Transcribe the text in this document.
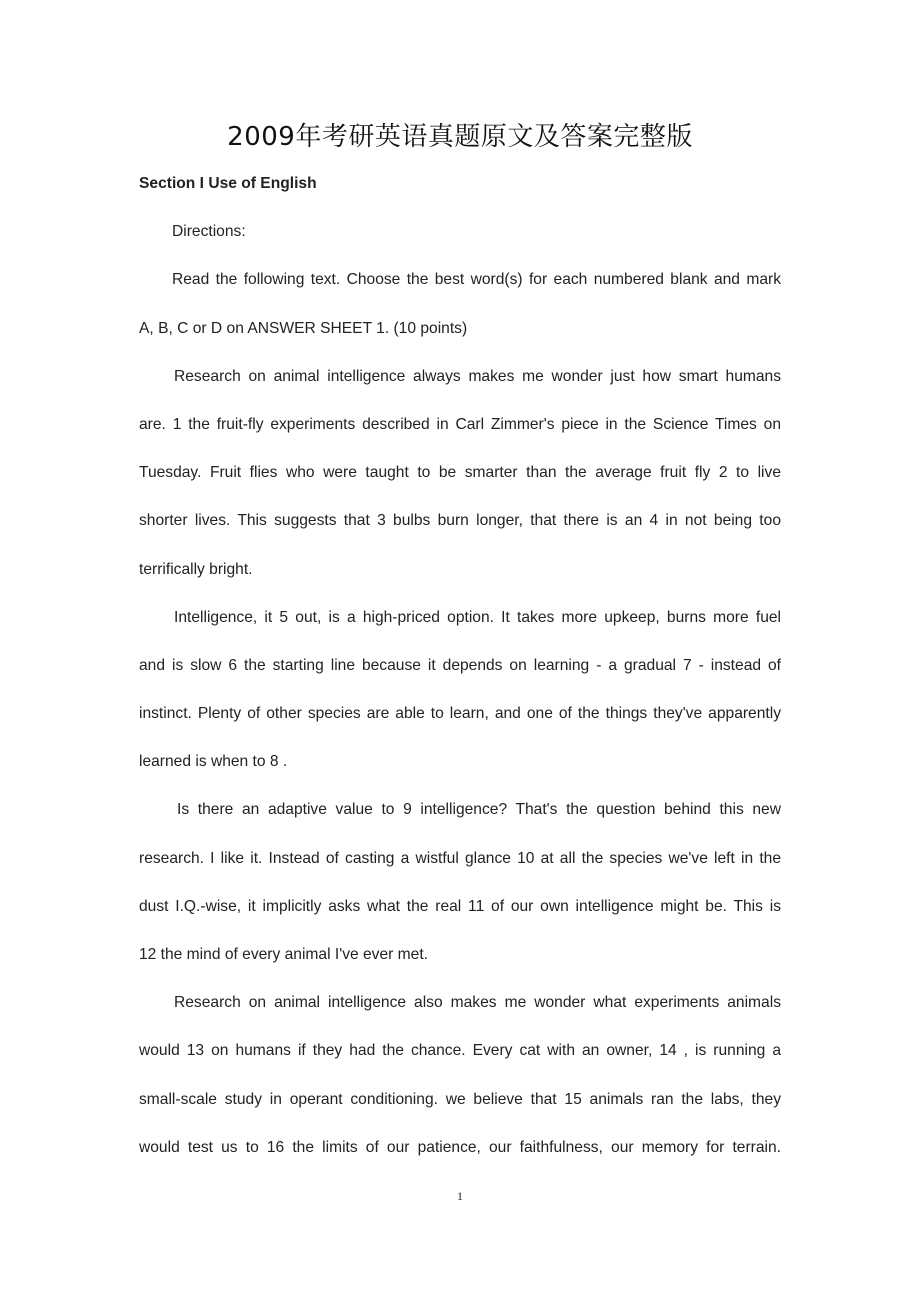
2009年考研英语真题原文及答案完整版
Section I Use of English
Directions:
Read the following text. Choose the best word(s) for each numbered blank and mark
A, B, C or D on ANSWER SHEET 1. (10 points)
Research on animal intelligence always makes me wonder just how smart humans
are. 1 the fruit-fly experiments described in Carl Zimmer's piece in the Science Times on
Tuesday. Fruit flies who were taught to be smarter than the average fruit fly 2 to live
shorter lives. This suggests that 3 bulbs burn longer, that there is an 4 in not being too
terrifically bright.
Intelligence, it 5 out, is a high-priced option. It takes more upkeep, burns more fuel
and is slow 6 the starting line because it depends on learning - a gradual 7 - instead of
instinct. Plenty of other species are able to learn, and one of the things they've apparently
learned is when to 8 .
Is there an adaptive value to 9 intelligence? That's the question behind this new
research. I like it. Instead of casting a wistful glance 10 at all the species we've left in the
dust I.Q.-wise, it implicitly asks what the real 11 of our own intelligence might be. This is
12 the mind of every animal I've ever met.
Research on animal intelligence also makes me wonder what experiments animals
would 13 on humans if they had the chance. Every cat with an owner, 14 , is running a
small-scale study in operant conditioning. we believe that 15 animals ran the labs, they
would test us to 16 the limits of our patience, our faithfulness, our memory for terrain.
1
